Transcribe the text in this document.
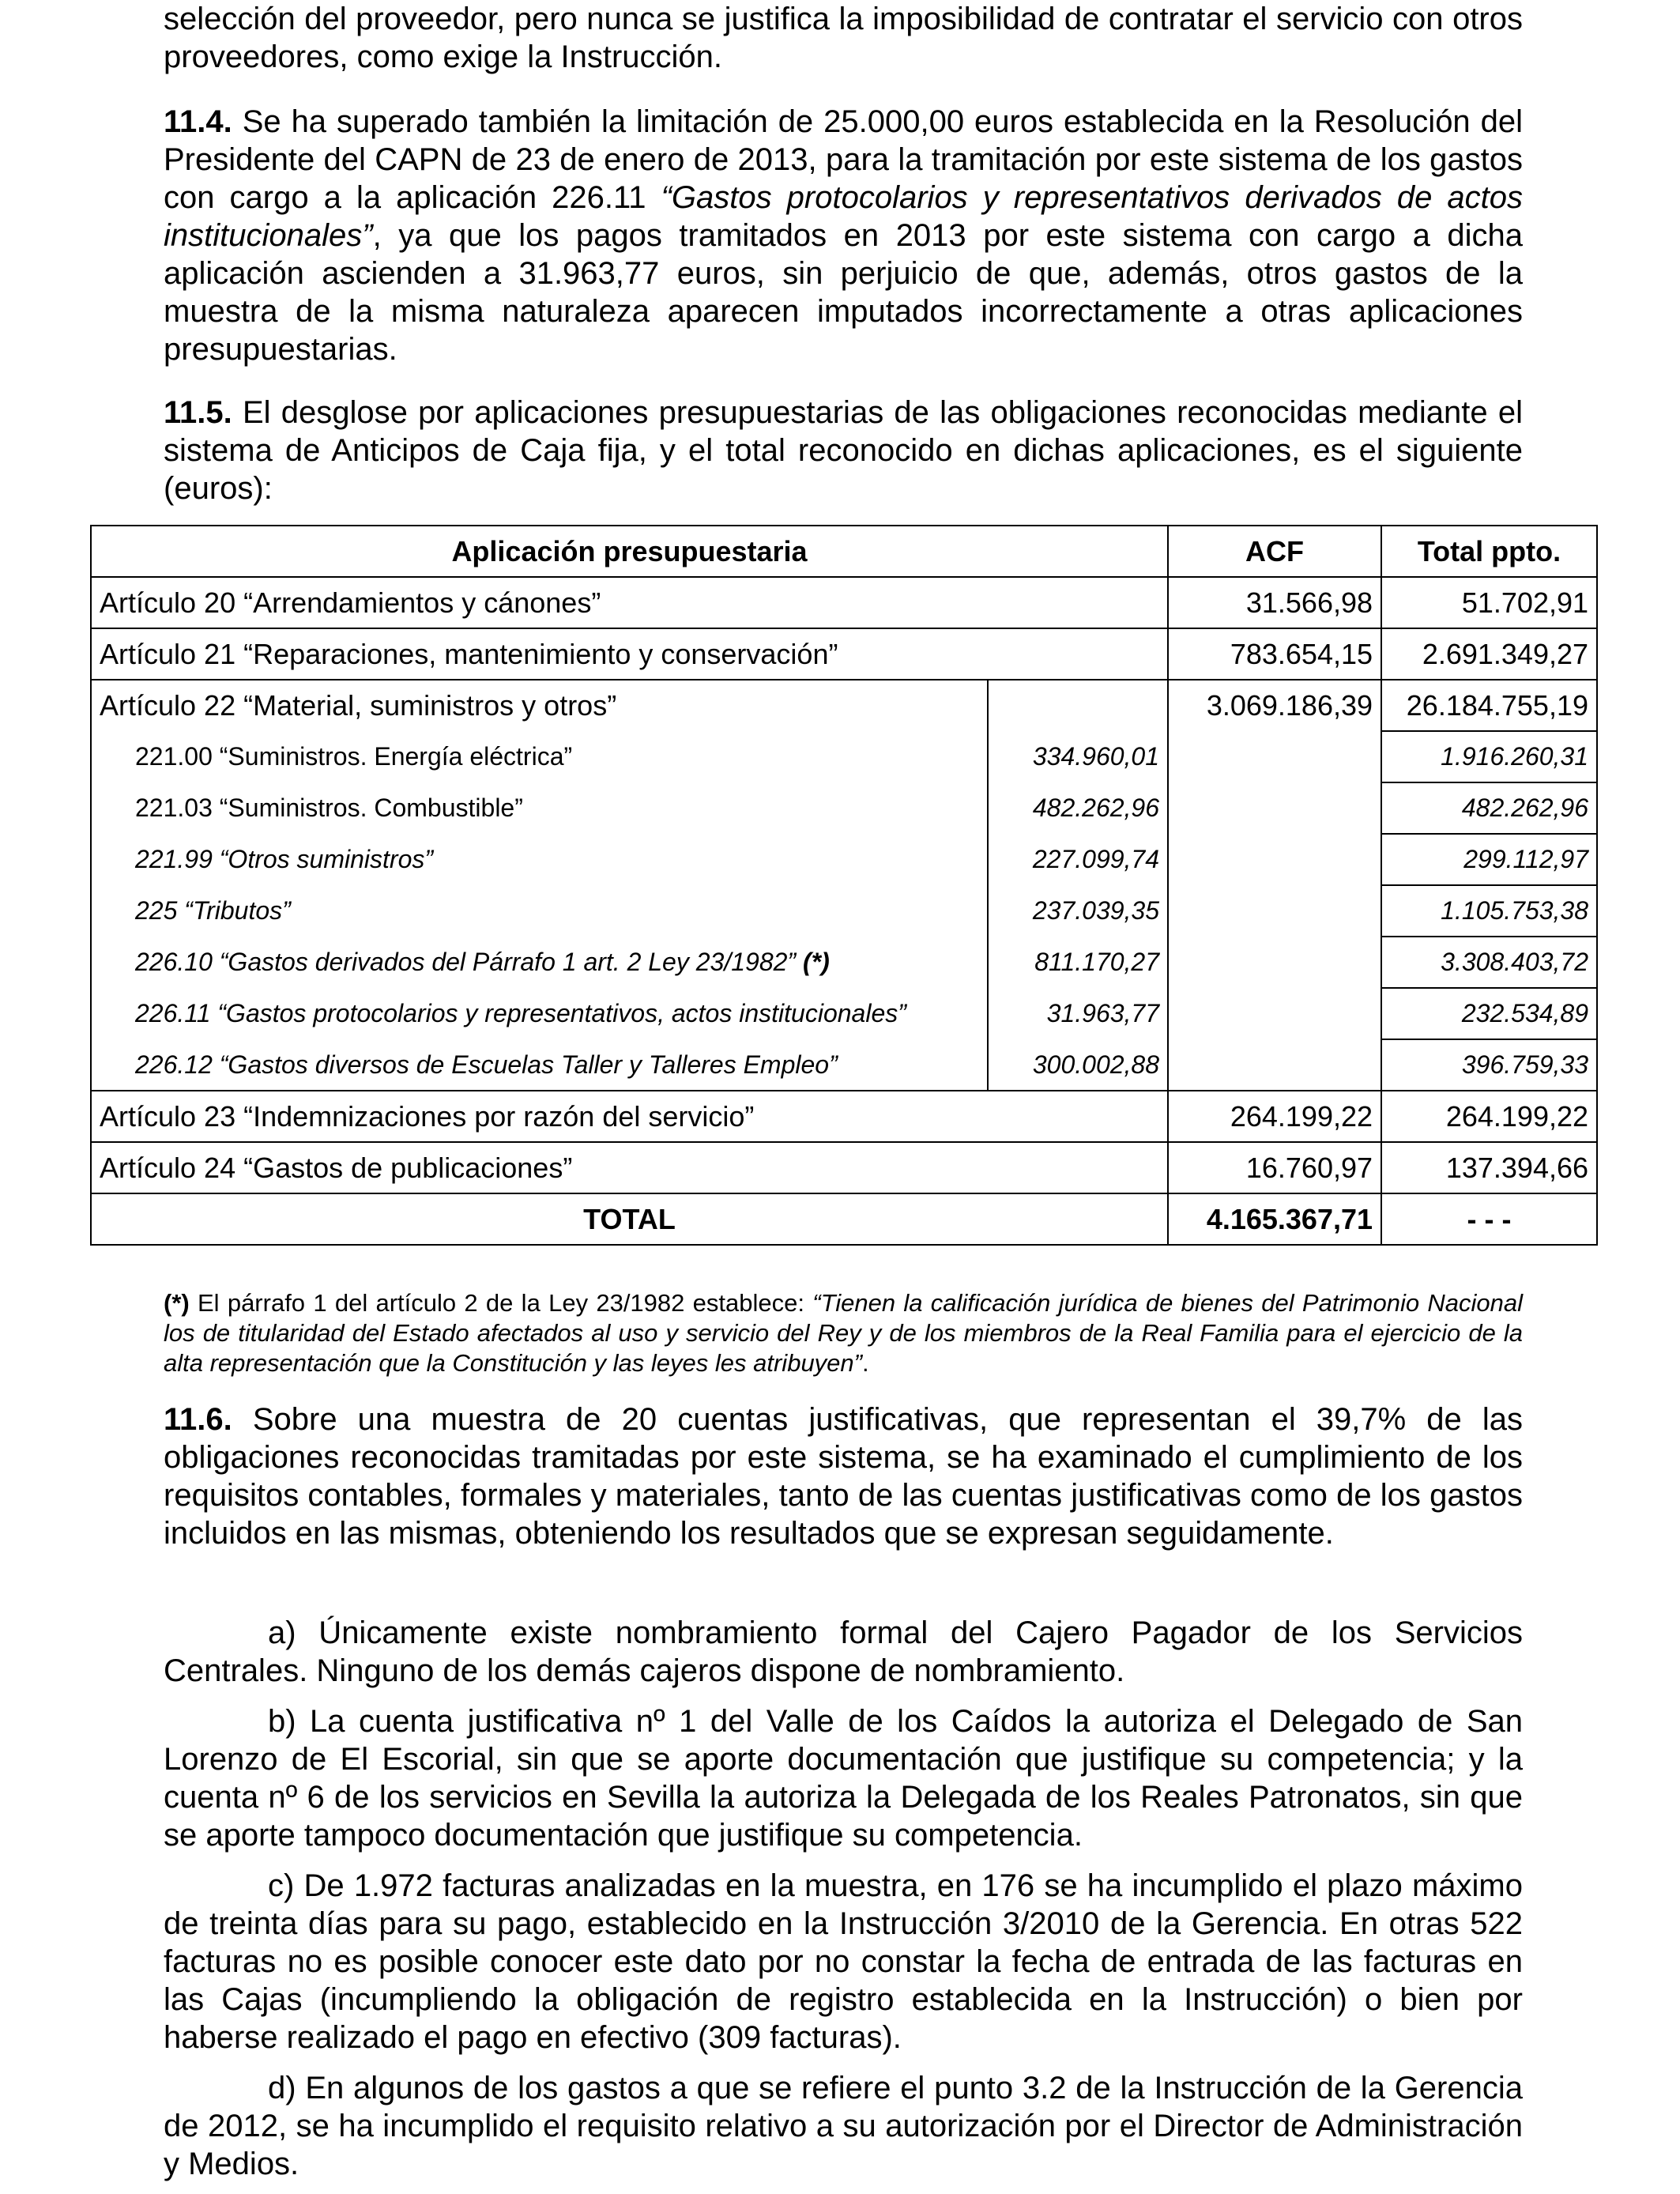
selección del proveedor, pero nunca se justifica la imposibilidad de contratar el servicio con otros proveedores, como exige la Instrucción.

11.4. Se ha superado también la limitación de 25.000,00 euros establecida en la Resolución del Presidente del CAPN de 23 de enero de 2013, para la tramitación por este sistema de los gastos con cargo a la aplicación 226.11 “Gastos protocolarios y representativos derivados de actos institucionales”, ya que los pagos tramitados en 2013 por este sistema con cargo a dicha aplicación ascienden a 31.963,77 euros, sin perjuicio de que, además, otros gastos de la muestra de la misma naturaleza aparecen imputados incorrectamente a otras aplicaciones presupuestarias.

11.5. El desglose por aplicaciones presupuestarias de las obligaciones reconocidas mediante el sistema de Anticipos de Caja fija, y el total reconocido en dichas aplicaciones, es el siguiente (euros):

Aplicación presupuestaria		ACF	Total ppto.
Artículo 20 “Arrendamientos y cánones”		31.566,98	51.702,91
Artículo 21 “Reparaciones, mantenimiento y conservación”		783.654,15	2.691.349,27
Artículo 22 “Material, suministros y otros”		3.069.186,39	26.184.755,19
221.00 “Suministros. Energía eléctrica”	334.960,01		1.916.260,31
221.03 “Suministros. Combustible”	482.262,96		482.262,96
221.99 “Otros suministros”	227.099,74		299.112,97
225 “Tributos”	237.039,35		1.105.753,38
226.10 “Gastos derivados del Párrafo 1 art. 2 Ley 23/1982” (*)	811.170,27		3.308.403,72
226.11 “Gastos protocolarios y representativos, actos institucionales”	31.963,77		232.534,89
226.12 “Gastos diversos de Escuelas Taller y Talleres Empleo”	300.002,88		396.759,33
Artículo 23 “Indemnizaciones por razón del servicio”		264.199,22	264.199,22
Artículo 24 “Gastos de publicaciones”		16.760,97	137.394,66
TOTAL		4.165.367,71	- - -

(*) El párrafo 1 del artículo 2 de la Ley 23/1982 establece: “Tienen la calificación jurídica de bienes del Patrimonio Nacional los de titularidad del Estado afectados al uso y servicio del Rey y de los miembros de la Real Familia para el ejercicio de la alta representación que la Constitución y las leyes les atribuyen”.

11.6. Sobre una muestra de 20 cuentas justificativas, que representan el 39,7% de las obligaciones reconocidas tramitadas por este sistema, se ha examinado el cumplimiento de los requisitos contables, formales y materiales, tanto de las cuentas justificativas como de los gastos incluidos en las mismas, obteniendo los resultados que se expresan seguidamente.

a) Únicamente existe nombramiento formal del Cajero Pagador de los Servicios Centrales. Ninguno de los demás cajeros dispone de nombramiento.

b) La cuenta justificativa nº 1 del Valle de los Caídos la autoriza el Delegado de San Lorenzo de El Escorial, sin que se aporte documentación que justifique su competencia; y la cuenta nº 6 de los servicios en Sevilla la autoriza la Delegada de los Reales Patronatos, sin que se aporte tampoco documentación que justifique su competencia.

c) De 1.972 facturas analizadas en la muestra, en 176 se ha incumplido el plazo máximo de treinta días para su pago, establecido en la Instrucción 3/2010 de la Gerencia. En otras 522 facturas no es posible conocer este dato por no constar la fecha de entrada de las facturas en las Cajas (incumpliendo la obligación de registro establecida en la Instrucción) o bien por haberse realizado el pago en efectivo (309 facturas).

d) En algunos de los gastos a que se refiere el punto 3.2 de la Instrucción de la Gerencia de 2012, se ha incumplido el requisito relativo a su autorización por el Director de Administración y Medios.
